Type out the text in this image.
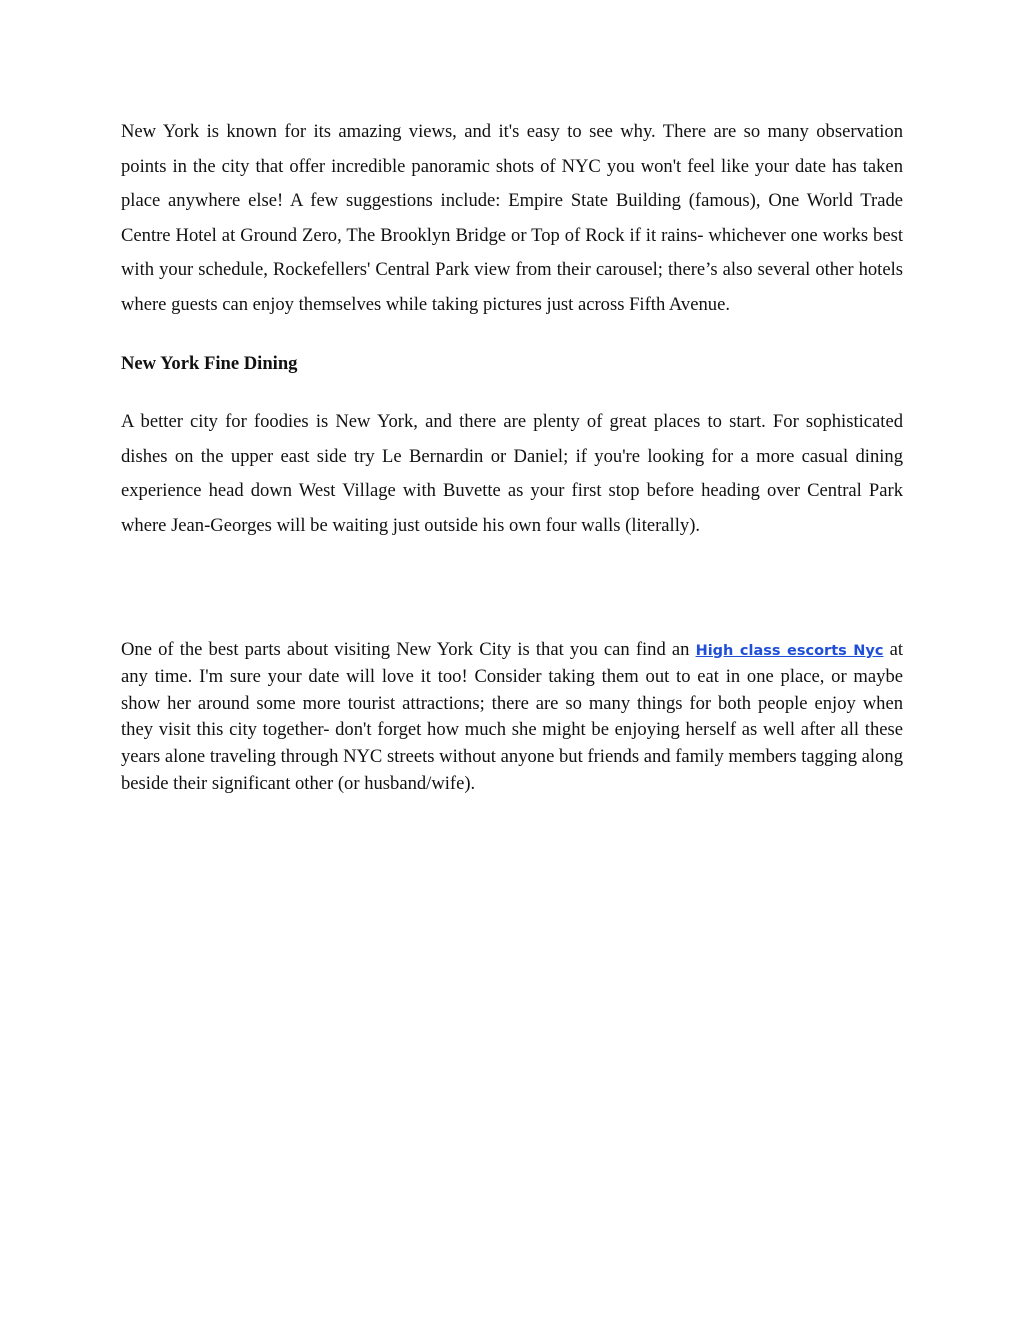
New York is known for its amazing views, and it's easy to see why. There are so many observation points in the city that offer incredible panoramic shots of NYC you won't feel like your date has taken place anywhere else! A few suggestions include: Empire State Building (famous), One World Trade Centre Hotel at Ground Zero, The Brooklyn Bridge or Top of Rock if it rains- whichever one works best with your schedule, Rockefellers' Central Park view from their carousel; there’s also several other hotels where guests can enjoy themselves while taking pictures just across Fifth Avenue.

New York Fine Dining

A better city for foodies is New York, and there are plenty of great places to start. For sophisticated dishes on the upper east side try Le Bernardin or Daniel; if you're looking for a more casual dining experience head down West Village with Buvette as your first stop before heading over Central Park where Jean-Georges will be waiting just outside his own four walls (literally).

One of the best parts about visiting New York City is that you can find an High class escorts Nyc at any time. I'm sure your date will love it too! Consider taking them out to eat in one place, or maybe show her around some more tourist attractions; there are so many things for both people enjoy when they visit this city together- don't forget how much she might be enjoying herself as well after all these years alone traveling through NYC streets without anyone but friends and family members tagging along beside their significant other (or husband/wife).
